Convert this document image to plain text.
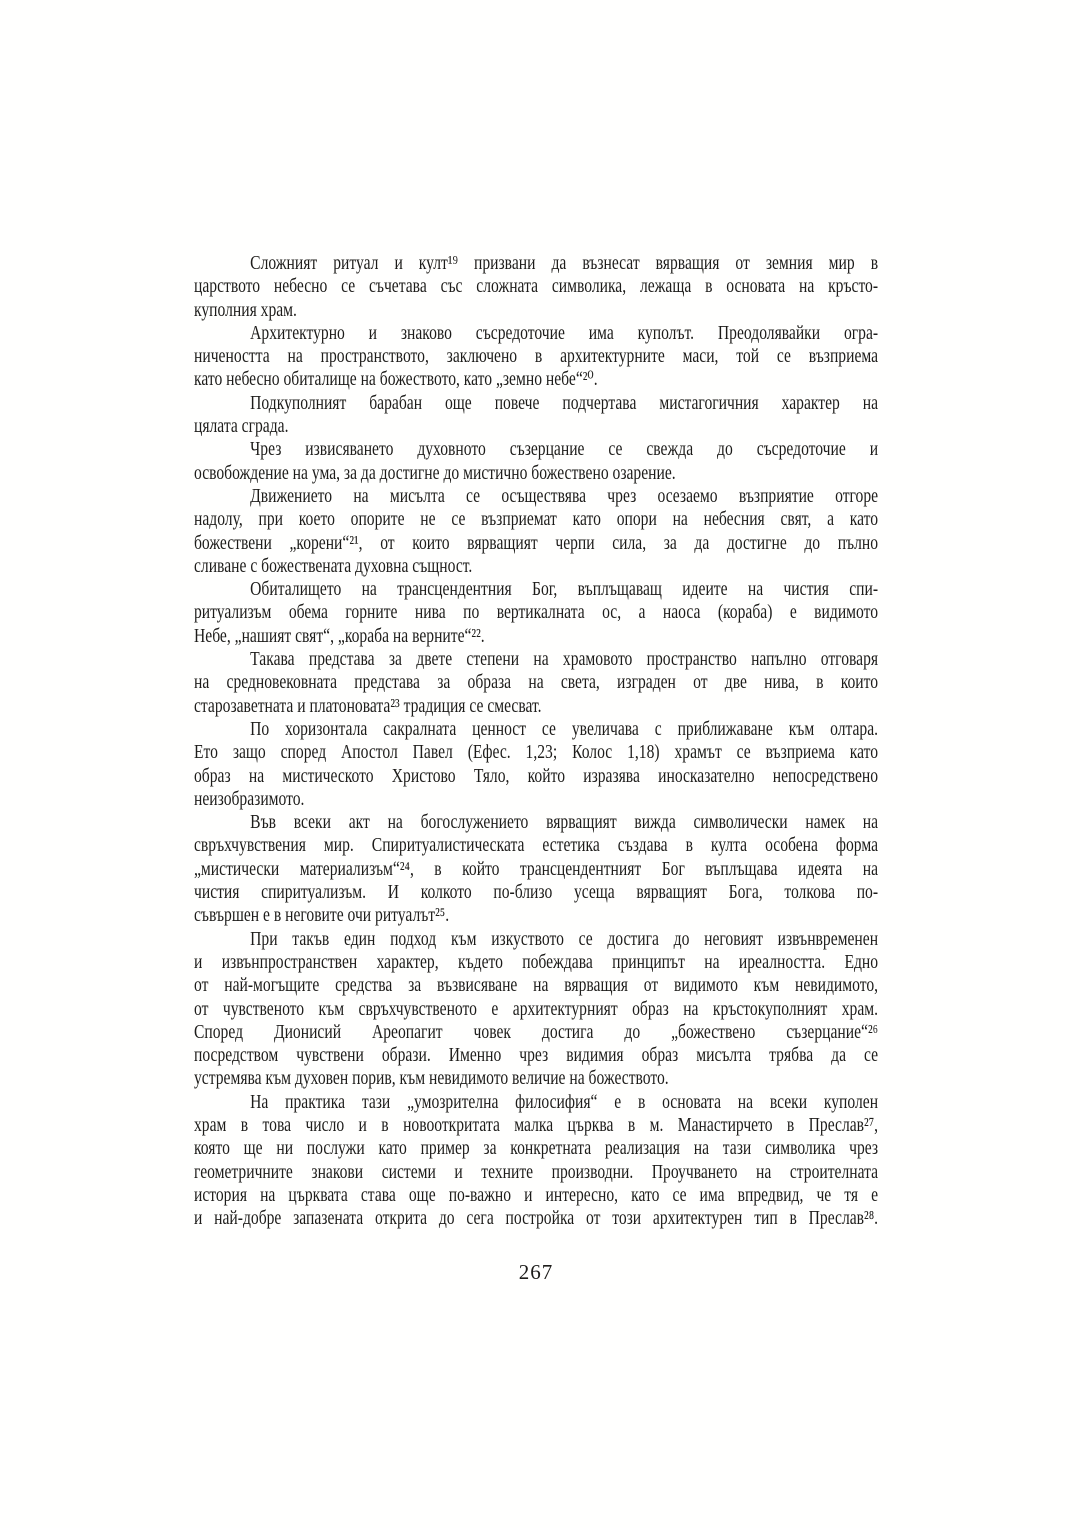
Сложният ритуал и култ¹⁹ призвани да възнесат вярващия от земния мир в
царството небесно се съчетава със сложната символика, лежаща в основата на кръсто-
куполния храм.
Архитектурно и знаково съсредоточие има куполът. Преодолявайки огра-
ничеността на пространството, заключено в архитектурните маси, той се възприема
като небесно обиталище на божеството, като „земно небе“²⁰.
Подкуполният барабан още повече подчертава мистагогичния характер на
цялата сграда.
Чрез извисяването духовното съзерцание се свежда до съсредоточие и
освобождение на ума, за да достигне до мистично божествено озарение.
Движението на мисълта се осъществява чрез осезаемо възприятие отгоре
надолу, при което опорите не се възприемат като опори на небесния свят, а като
божествени „корени“²¹, от които вярващият черпи сила, за да достигне до пълно
сливане с божествената духовна същност.
Обиталището на трансцендентния Бог, въплъщаващ идеите на чистия спи-
ритуализъм обема горните нива по вертикалната ос, а наоса (кораба) е видимото
Небе, „нашият свят“, „кораба на верните“²².
Такава представа за двете степени на храмовото пространство напълно отговаря
на средновековната представа за образа на света, изграден от две нива, в които
старозаветната и платоновата²³ традиция се смесват.
По хоризонтала сакралната ценност се увеличава с приближаване към олтара.
Ето защо според Апостол Павел (Ефес. 1,23; Колос 1,18) храмът се възприема като
образ на мистическото Христово Тяло, който изразява иносказателно непосредствено
неизобразимото.
Във всеки акт на богослужението вярващият вижда символически намек на
свръхчувствения мир. Спиритуалистическата естетика създава в култа особена форма
„мистически материализъм“²⁴, в който трансцендентният Бог въплъщава идеята на
чистия спиритуализъм. И колкото по-близо усеща вярващият Бога, толкова по-
съвършен е в неговите очи ритуалът²⁵.
При такъв един подход към изкуството се достига до неговият извънвременен
и извънпространствен характер, където побеждава принципът на иреалността. Едно
от най-могъщите средства за възвисяване на вярващия от видимото към невидимото,
от чувственото към свръхчувственото е архитектурният образ на кръстокуполният храм.
Според Дионисий Ареопагит човек достига до „божествено съзерцание“²⁶
посредством чувствени образи. Именно чрез видимия образ мисълта трябва да се
устремява към духовен порив, към невидимото величие на божеството.
На практика тази „умозрителна филосифия“ е в основата на всеки куполен
храм в това число и в новооткритата малка църква в м. Манастирчето в Преслав²⁷,
която ще ни послужи като пример за конкретната реализация на тази символика чрез
геометричните знакови системи и техните производни. Проучването на строителната
история на църквата става още по-важно и интересно, като се има впредвид, че тя е
и най-добре запазената открита до сега постройка от този архитектурен тип в Преслав²⁸.
267
